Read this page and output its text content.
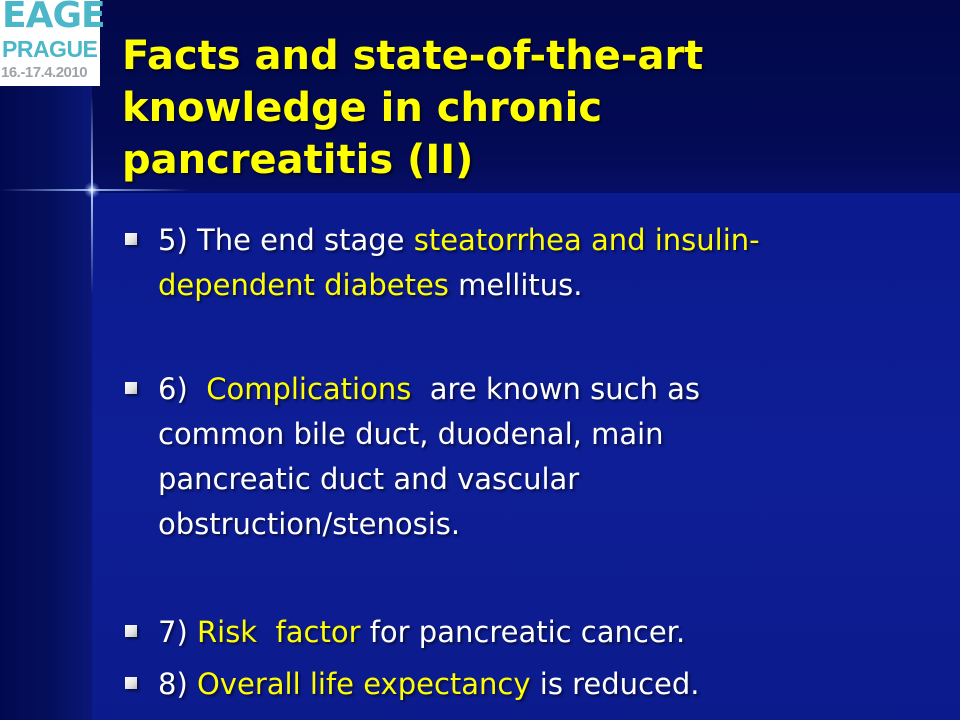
EAGE
PRAGUE
16.-17.4.2010 Facts and state-of-the-art
knowledge in chronic
pancreatitis (II)
5) The end stage steatorrhea and insulin-
dependent diabetes mellitus.
6)  Complications  are known such as
common bile duct, duodenal, main
pancreatic duct and vascular
obstruction/stenosis.
7) Risk  factor for pancreatic cancer.
8) Overall life expectancy is reduced.
